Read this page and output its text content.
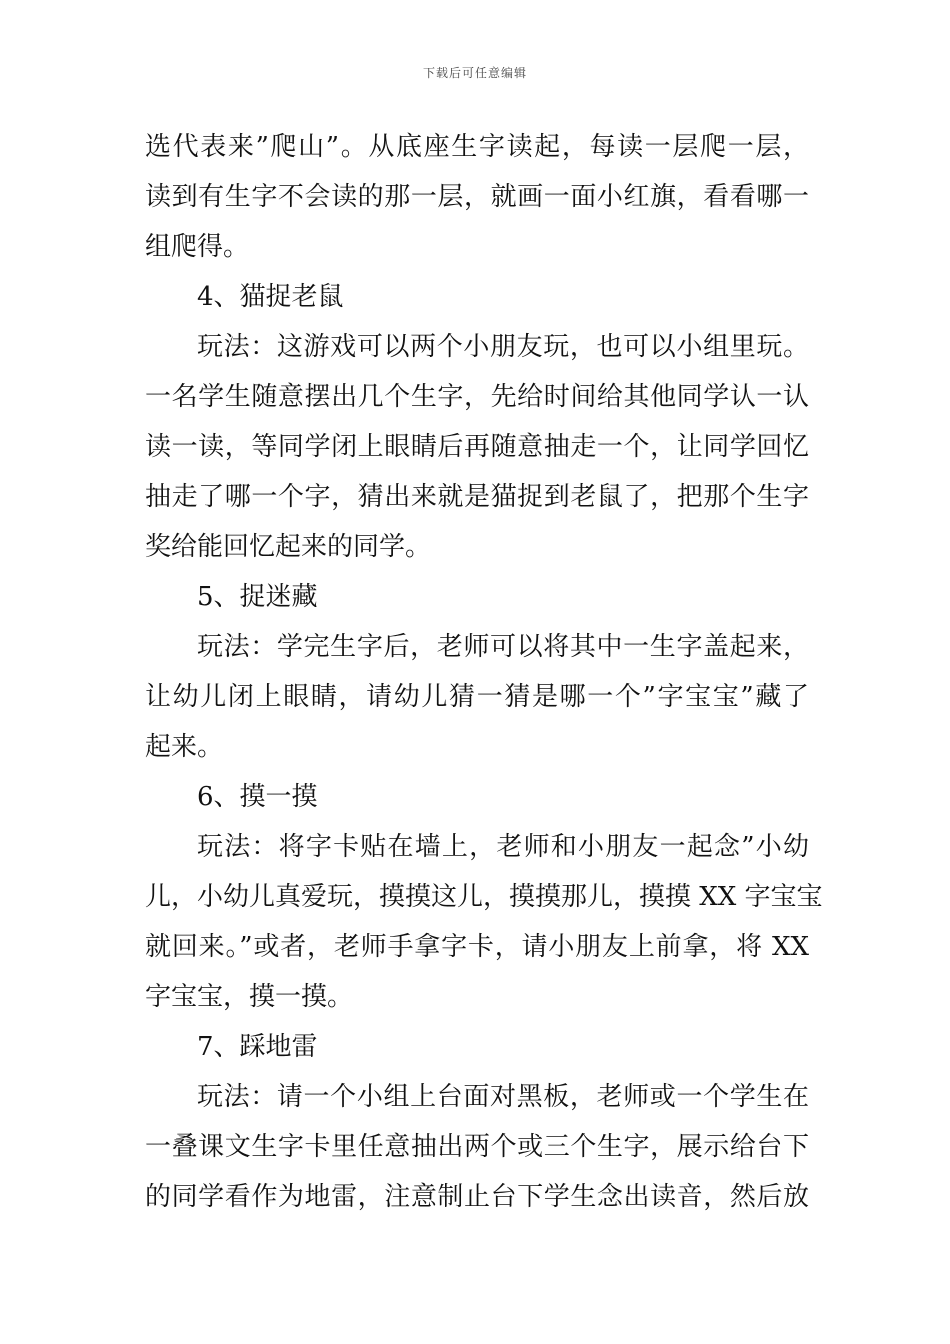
下载后可任意编辑
选代表来”爬山”。从底座生字读起，每读一层爬一层，
读到有生字不会读的那一层，就画一面小红旗，看看哪一
组爬得。
4、猫捉老鼠
玩法：这游戏可以两个小朋友玩，也可以小组里玩。
一名学生随意摆出几个生字，先给时间给其他同学认一认
读一读，等同学闭上眼睛后再随意抽走一个，让同学回忆
抽走了哪一个字，猜出来就是猫捉到老鼠了，把那个生字
奖给能回忆起来的同学。
5、捉迷藏
玩法：学完生字后，老师可以将其中一生字盖起来，
让幼儿闭上眼睛，请幼儿猜一猜是哪一个”字宝宝”藏了
起来。
6、摸一摸
玩法：将字卡贴在墙上，老师和小朋友一起念”小幼
儿，小幼儿真爱玩，摸摸这儿，摸摸那儿，摸摸 XX 字宝宝
就回来。”或者，老师手拿字卡，请小朋友上前拿，将 XX
字宝宝，摸一摸。
7、踩地雷
玩法：请一个小组上台面对黑板，老师或一个学生在
一叠课文生字卡里任意抽出两个或三个生字，展示给台下
的同学看作为地雷，注意制止台下学生念出读音，然后放
